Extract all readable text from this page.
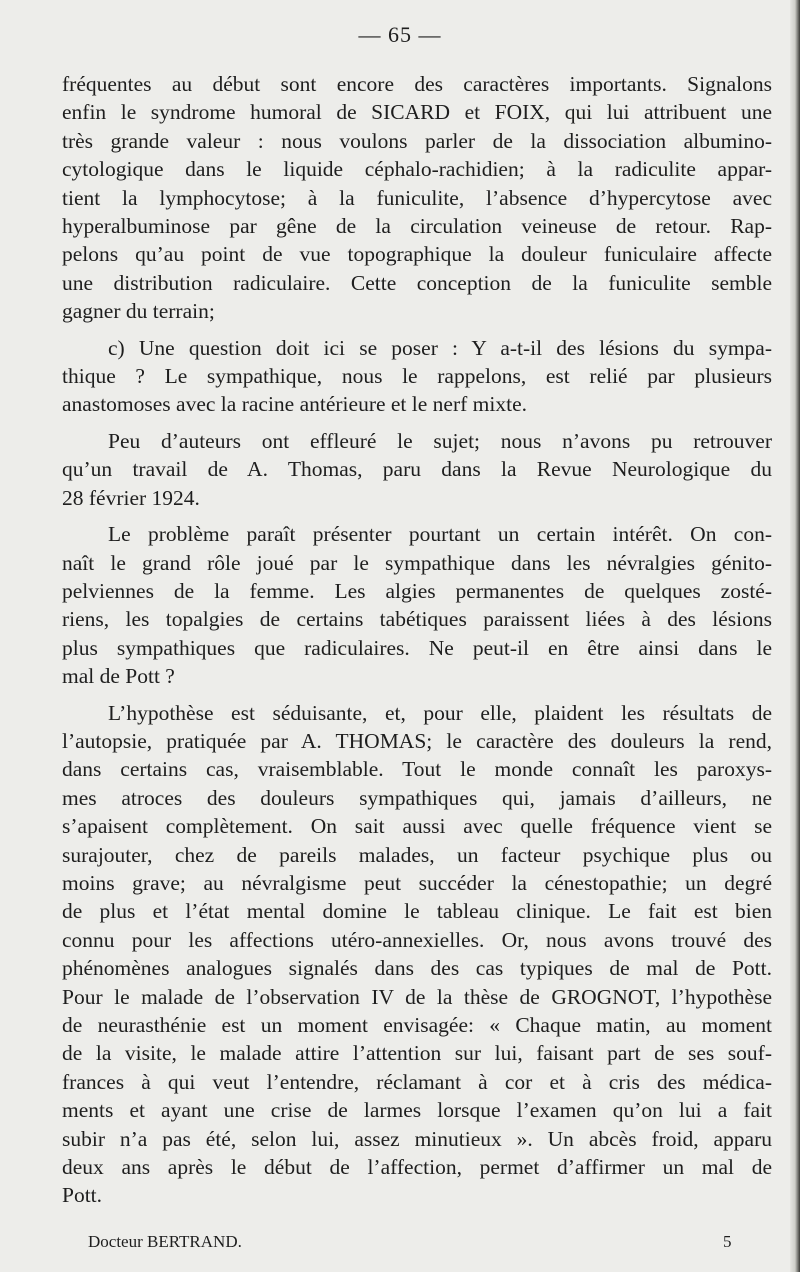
— 65 —

fréquentes au début sont encore des caractères importants. Signalons

enfin le syndrome humoral de SICARD et FOIX, qui lui attribuent une

très grande valeur : nous voulons parler de la dissociation albumino-

cytologique dans le liquide céphalo-rachidien; à la radiculite appar-

tient la lymphocytose; à la funiculite, l’absence d’hypercytose avec

hyperalbuminose par gêne de la circulation veineuse de retour. Rap-

pelons qu’au point de vue topographique la douleur funiculaire affecte

une distribution radiculaire. Cette conception de la funiculite semble

gagner du terrain;

c) Une question doit ici se poser : Y a-t-il des lésions du sympa-

thique ? Le sympathique, nous le rappelons, est relié par plusieurs

anastomoses avec la racine antérieure et le nerf mixte.

Peu d’auteurs ont effleuré le sujet; nous n’avons pu retrouver

qu’un travail de A. Thomas, paru dans la Revue Neurologique du

28 février 1924.

Le problème paraît présenter pourtant un certain intérêt. On con-

naît le grand rôle joué par le sympathique dans les névralgies génito-

pelviennes de la femme. Les algies permanentes de quelques zosté-

riens, les topalgies de certains tabétiques paraissent liées à des lésions

plus sympathiques que radiculaires. Ne peut-il en être ainsi dans le

mal de Pott ?

L’hypothèse est séduisante, et, pour elle, plaident les résultats de

l’autopsie, pratiquée par A. THOMAS; le caractère des douleurs la rend,

dans certains cas, vraisemblable. Tout le monde connaît les paroxys-

mes atroces des douleurs sympathiques qui, jamais d’ailleurs, ne

s’apaisent complètement. On sait aussi avec quelle fréquence vient se

surajouter, chez de pareils malades, un facteur psychique plus ou

moins grave; au névralgisme peut succéder la cénestopathie; un degré

de plus et l’état mental domine le tableau clinique. Le fait est bien

connu pour les affections utéro-annexielles. Or, nous avons trouvé des

phénomènes analogues signalés dans des cas typiques de mal de Pott.

Pour le malade de l’observation IV de la thèse de GROGNOT, l’hypothèse

de neurasthénie est un moment envisagée: « Chaque matin, au moment

de la visite, le malade attire l’attention sur lui, faisant part de ses souf-

frances à qui veut l’entendre, réclamant à cor et à cris des médica-

ments et ayant une crise de larmes lorsque l’examen qu’on lui a fait

subir n’a pas été, selon lui, assez minutieux ». Un abcès froid, apparu

deux ans après le début de l’affection, permet d’affirmer un mal de

Pott.

Docteur BERTRAND.	5
